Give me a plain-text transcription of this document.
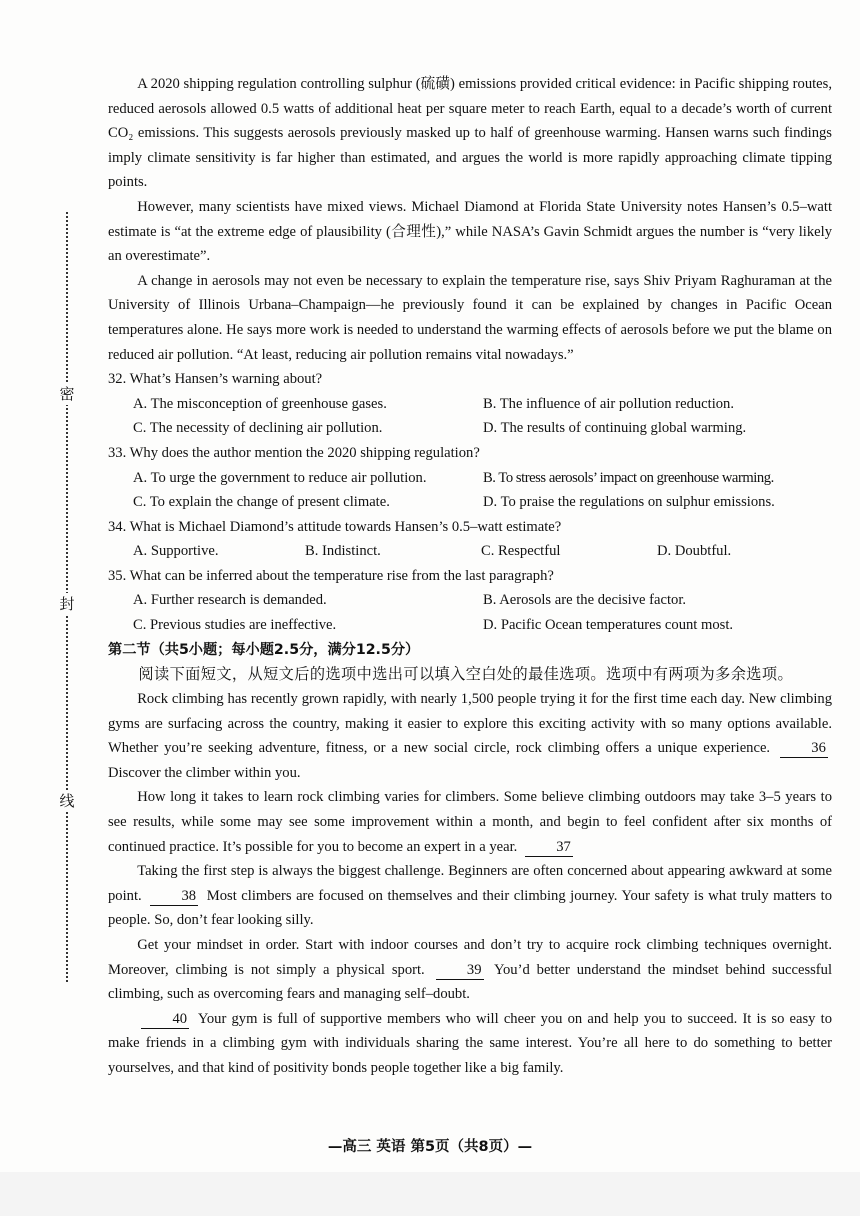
密
封
线

A 2020 shipping regulation controlling sulphur (硫磺) emissions provided critical evidence: in Pacific shipping routes, reduced aerosols allowed 0.5 watts of additional heat per square meter to reach Earth, equal to a decade’s worth of current CO₂ emissions. This suggests aerosols previously masked up to half of greenhouse warming. Hansen warns such findings imply climate sensitivity is far higher than estimated, and argues the world is more rapidly approaching climate tipping points.

However, many scientists have mixed views. Michael Diamond at Florida State University notes Hansen’s 0.5–watt estimate is “at the extreme edge of plausibility (合理性),” while NASA’s Gavin Schmidt argues the number is “very likely an overestimate”.

A change in aerosols may not even be necessary to explain the temperature rise, says Shiv Priyam Raghuraman at the University of Illinois Urbana–Champaign—he previously found it can be explained by changes in Pacific Ocean temperatures alone. He says more work is needed to understand the warming effects of aerosols before we put the blame on reduced air pollution. “At least, reducing air pollution remains vital nowadays.”

32. What’s Hansen’s warning about?

A. The misconception of greenhouse gases.	B. The influence of air pollution reduction.
C. The necessity of declining air pollution.	D. The results of continuing global warming.

33. Why does the author mention the 2020 shipping regulation?

A. To urge the government to reduce air pollution.	B. To stress aerosols’ impact on greenhouse warming.
C. To explain the change of present climate.	D. To praise the regulations on sulphur emissions.

34. What is Michael Diamond’s attitude towards Hansen’s 0.5–watt estimate?

A. Supportive.	B. Indistinct.	C. Respectful	D. Doubtful.

35. What can be inferred about the temperature rise from the last paragraph?

A. Further research is demanded.	B. Aerosols are the decisive factor.
C. Previous studies are ineffective.	D. Pacific Ocean temperatures count most.

第二节（共5小题；每小题2.5分，满分12.5分）

阅读下面短文，从短文后的选项中选出可以填入空白处的最佳选项。选项中有两项为多余选项。

Rock climbing has recently grown rapidly, with nearly 1,500 people trying it for the first time each day. New climbing gyms are surfacing across the country, making it easier to explore this exciting activity with so many options available. Whether you’re seeking adventure, fitness, or a new social circle, rock climbing offers a unique experience.	36 Discover the climber within you.

How long it takes to learn rock climbing varies for climbers. Some believe climbing outdoors may take 3–5 years to see results, while some may see some improvement within a month, and begin to feel confident after six months of continued practice. It’s possible for you to become an expert in a year.	37

Taking the first step is always the biggest challenge. Beginners are often concerned about appearing awkward at some point.	38 Most climbers are focused on themselves and their climbing journey. Your safety is what truly matters to people. So, don’t fear looking silly.

Get your mindset in order. Start with indoor courses and don’t try to acquire rock climbing techniques overnight. Moreover, climbing is not simply a physical sport.	39 You’d better understand the mindset behind successful climbing, such as overcoming fears and managing self–doubt.

40 Your gym is full of supportive members who will cheer you on and help you to succeed. It is so easy to make friends in a climbing gym with individuals sharing the same interest. You’re all here to do something to better yourselves, and that kind of positivity bonds people together like a big family.

—高三 英语 第5页（共8页）—
